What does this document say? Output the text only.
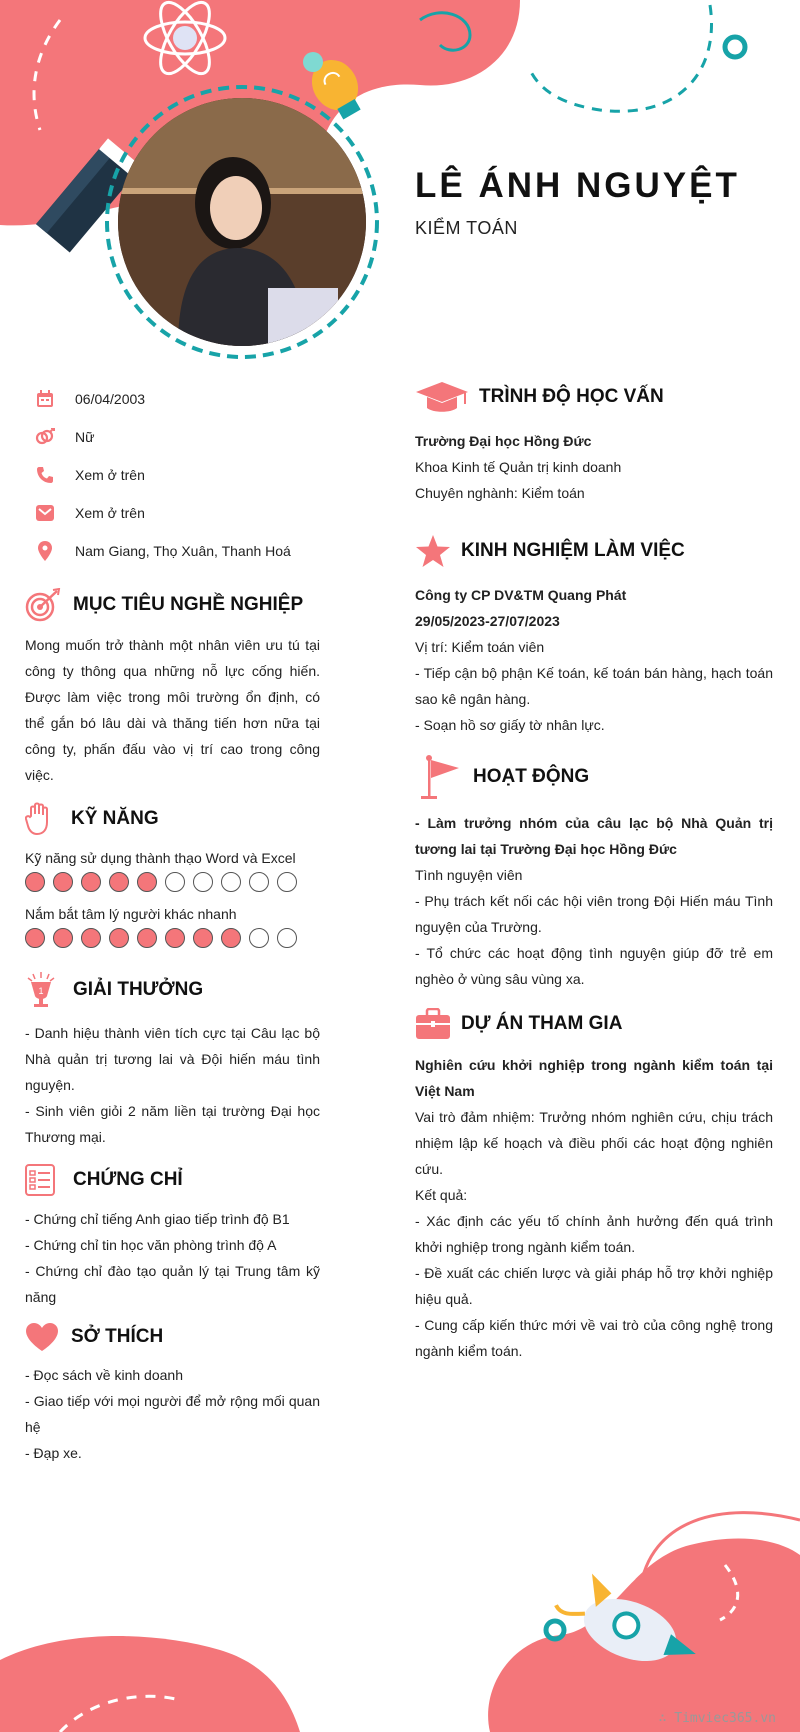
LÊ ÁNH NGUYỆT
KIỂM TOÁN
06/04/2003
Nữ
Xem ở trên
Xem ở trên
Nam Giang, Thọ Xuân, Thanh Hoá
MỤC TIÊU NGHỀ NGHIỆP
Mong muốn trở thành một nhân viên ưu tú tại công ty thông qua những nỗ lực cống hiến. Được làm việc trong môi trường ổn định, có thể gắn bó lâu dài và thăng tiến hơn nữa tại công ty, phấn đấu vào vị trí cao trong công việc.
KỸ NĂNG
Kỹ năng sử dụng thành thạo Word và Excel
Nắm bắt tâm lý người khác nhanh
1 GIẢI THƯỞNG

- Danh hiệu thành viên tích cực tại Câu lạc bộ Nhà quản trị tương lai và Đội hiến máu tình nguyện.

- Sinh viên giỏi 2 năm liền tại trường Đại học Thương mại.

CHỨNG CHỈ

- Chứng chỉ tiếng Anh giao tiếp trình độ B1

- Chứng chỉ tin học văn phòng trình độ A

- Chứng chỉ đào tạo quản lý tại Trung tâm kỹ năng

SỞ THÍCH

- Đọc sách về kinh doanh

- Giao tiếp với mọi người để mở rộng mối quan hệ

- Đạp xe.

TRÌNH ĐỘ HỌC VẤN

Trường Đại học Hồng Đức

Khoa Kinh tế Quản trị kinh doanh

Chuyên nghành: Kiểm toán

KINH NGHIỆM LÀM VIỆC

Công ty CP DV&TM Quang Phát

29/05/2023-27/07/2023

Vị trí: Kiểm toán viên

- Tiếp cận bộ phận Kế toán, kế toán bán hàng, hạch toán sao kê ngân hàng.

- Soạn hồ sơ giấy tờ nhân lực.

HOẠT ĐỘNG

- Làm trưởng nhóm của câu lạc bộ Nhà Quản trị tương lai tại Trường Đại học Hồng Đức

Tình nguyện viên

- Phụ trách kết nối các hội viên trong Đội Hiến máu Tình nguyện của Trường.

- Tổ chức các hoạt động tình nguyện giúp đỡ trẻ em nghèo ở vùng sâu vùng xa.

DỰ ÁN THAM GIA

Nghiên cứu khởi nghiệp trong ngành kiểm toán tại Việt Nam

Vai trò đảm nhiệm: Trưởng nhóm nghiên cứu, chịu trách nhiệm lập kế hoạch và điều phối các hoạt động nghiên cứu.

Kết quả:

- Xác định các yếu tố chính ảnh hưởng đến quá trình khởi nghiệp trong ngành kiểm toán.

- Đề xuất các chiến lược và giải pháp hỗ trợ khởi nghiệp hiệu quả.

- Cung cấp kiến thức mới về vai trò của công nghệ trong ngành kiểm toán.

∴ Timviec365.vn
